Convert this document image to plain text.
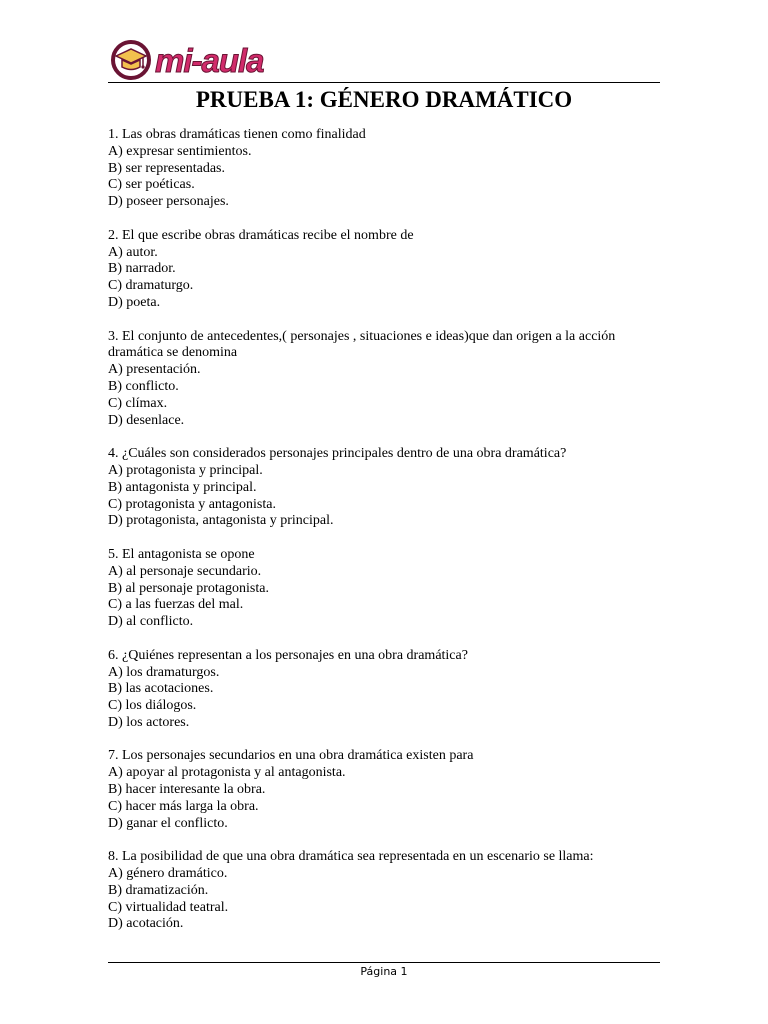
mi-aula
PRUEBA 1: GÉNERO DRAMÁTICO

1. Las obras dramáticas tienen como finalidad

A) expresar sentimientos.

B) ser representadas.

C) ser poéticas.

D) poseer personajes.

2. El que escribe obras dramáticas recibe el nombre de

A) autor.

B) narrador.

C) dramaturgo.

D) poeta.

3. El conjunto de antecedentes,( personajes , situaciones e ideas)que dan origen a la acción dramática se denomina

A) presentación.

B) conflicto.

C) clímax.

D) desenlace.

4. ¿Cuáles son considerados personajes principales dentro de una obra dramática?

A) protagonista y principal.

B) antagonista y principal.

C) protagonista y antagonista.

D) protagonista, antagonista y principal.

5. El antagonista se opone

A) al personaje secundario.

B) al personaje protagonista.

C) a las fuerzas del mal.

D) al conflicto.

6. ¿Quiénes representan a los personajes en una obra dramática?

A) los dramaturgos.

B) las acotaciones.

C) los diálogos.

D) los actores.

7. Los personajes secundarios en una obra dramática existen para

A) apoyar al protagonista y al antagonista.

B) hacer interesante la obra.

C) hacer más larga la obra.

D) ganar el conflicto.

8. La posibilidad de que una obra dramática sea representada en un escenario se llama:

A) género dramático.

B) dramatización.

C) virtualidad teatral.

D) acotación.

Página 1
